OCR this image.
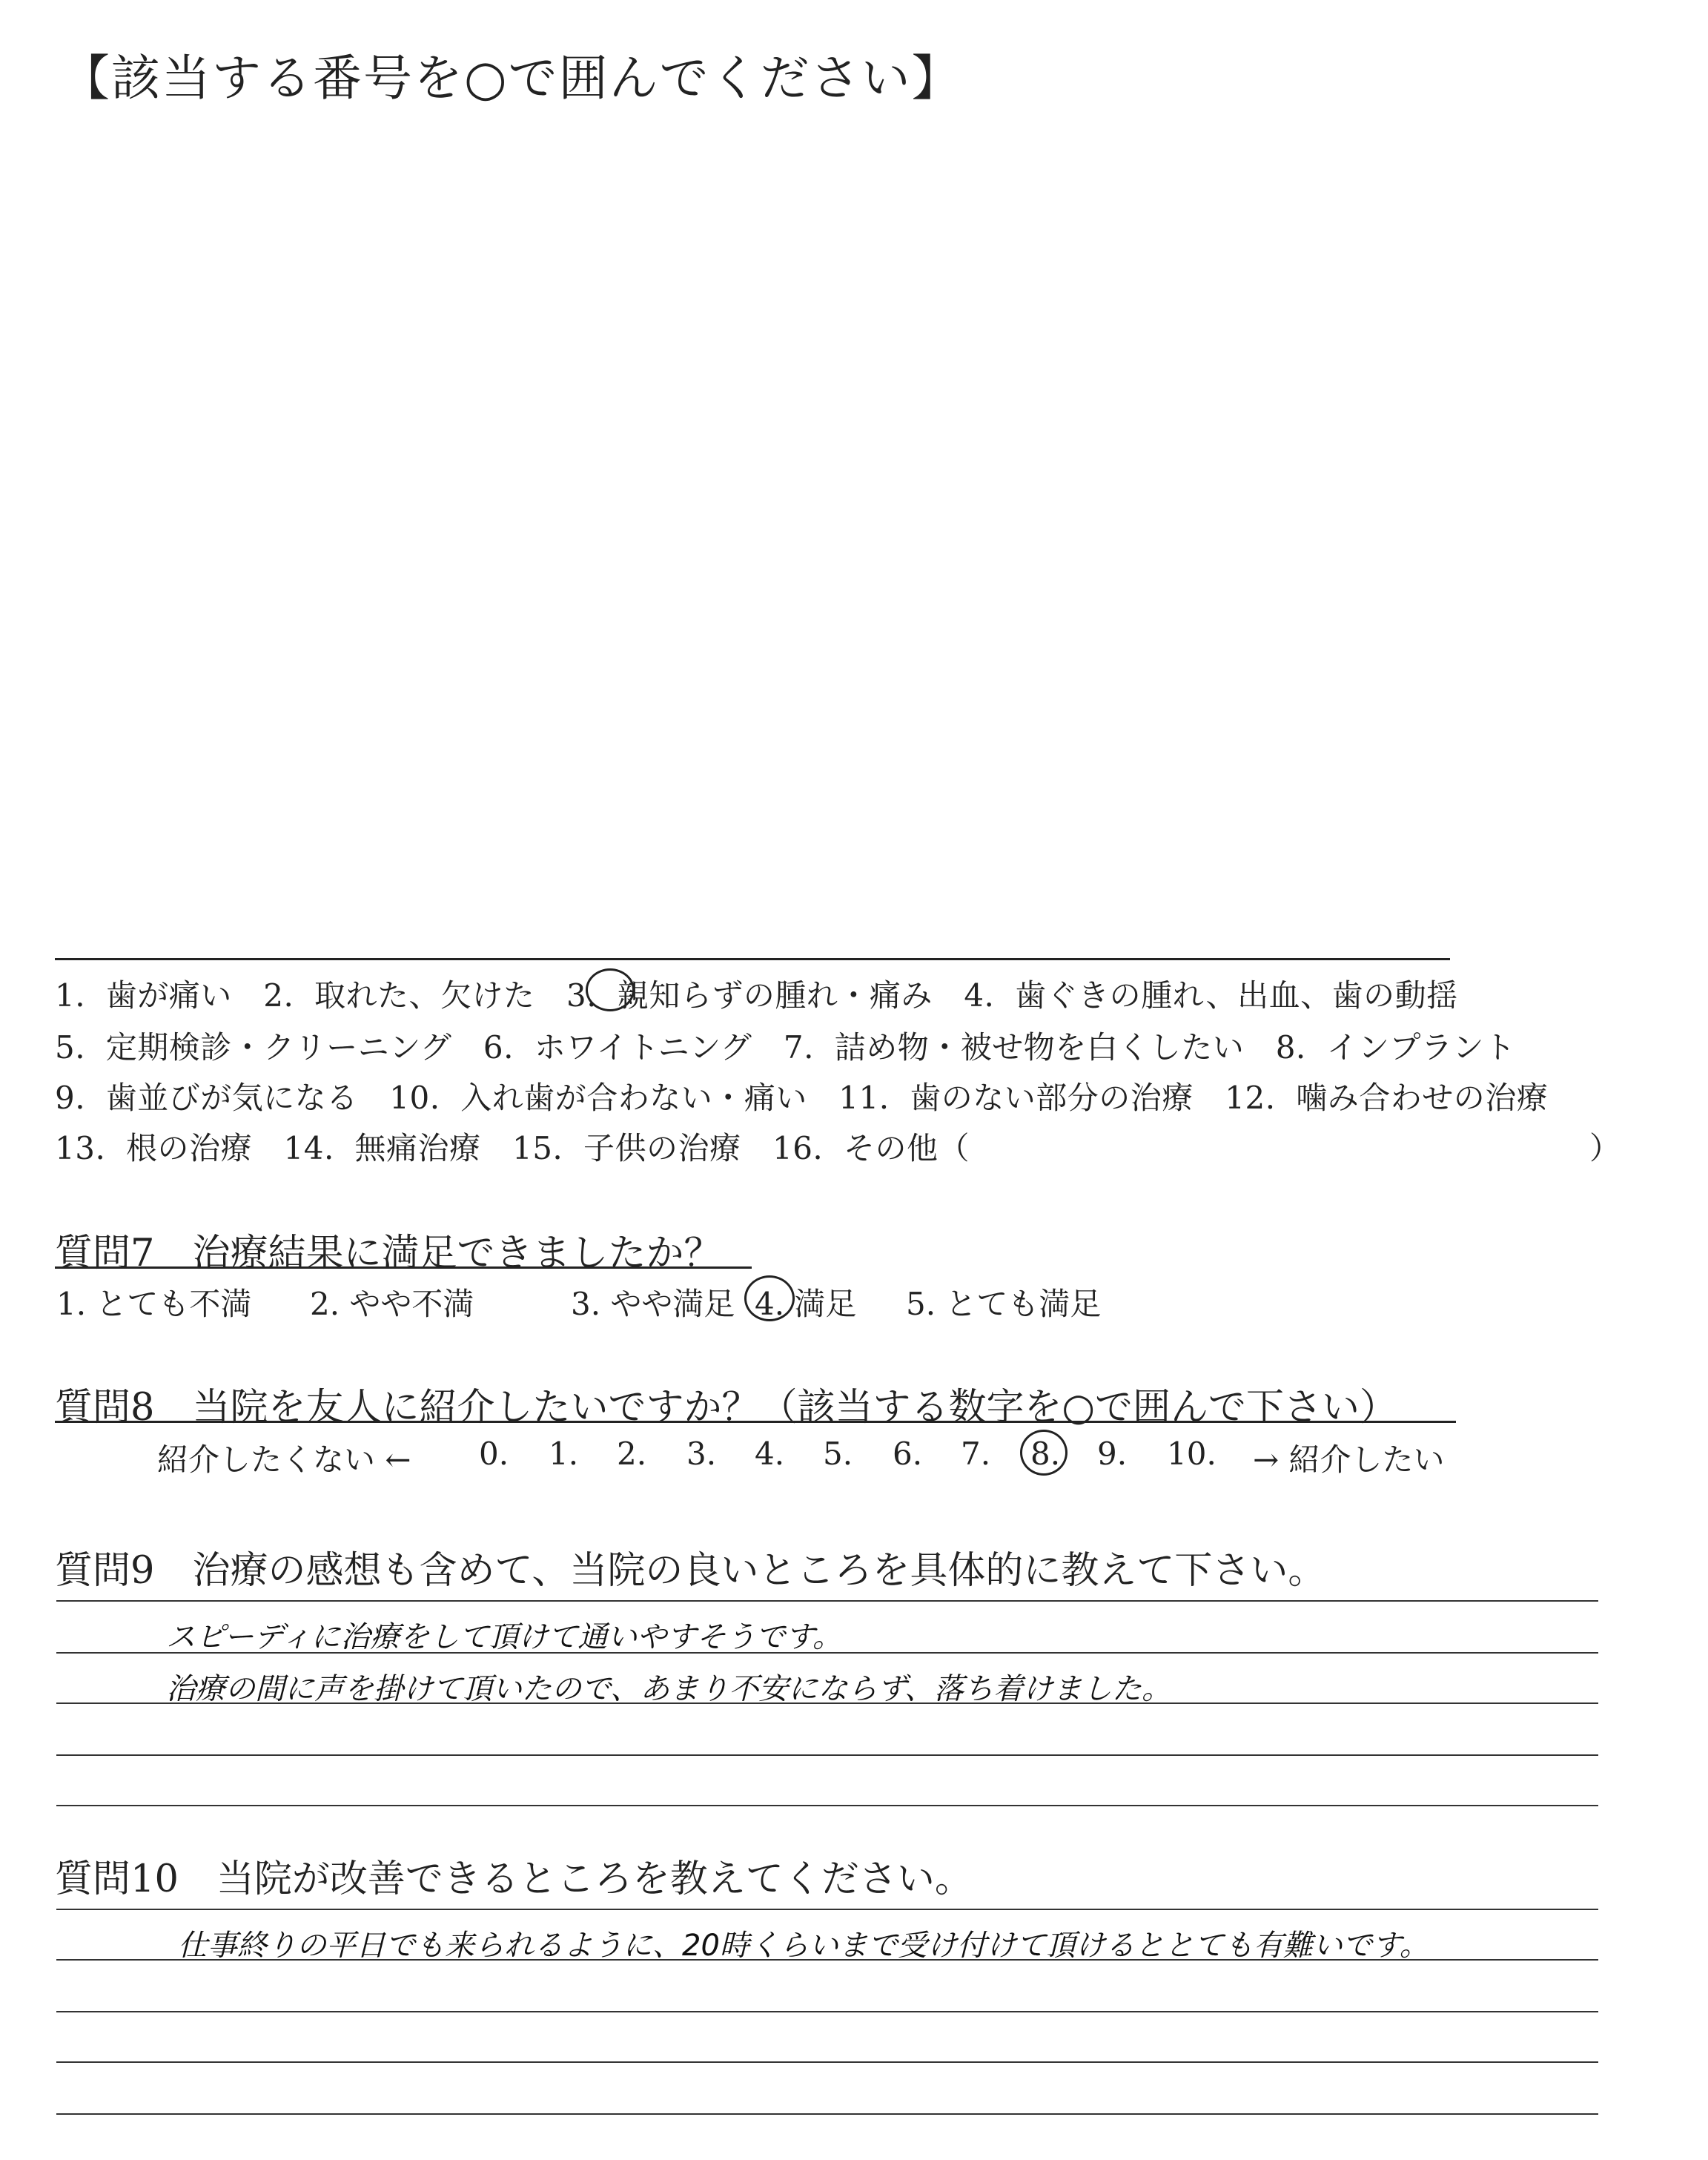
【該当する番号を○で囲んでください】
1.  歯が痛い　2.  取れた、欠けた　3.  親知らずの腫れ・痛み　4.  歯ぐきの腫れ、出血、歯の動揺
5.  定期検診・クリーニング　6.  ホワイトニング　7.  詰め物・被せ物を白くしたい　8.  インプラント
9.  歯並びが気になる　10.  入れ歯が合わない・痛い　11.  歯のない部分の治療　12.  噛み合わせの治療
13.  根の治療　14.  無痛治療　15.  子供の治療　16.  その他（	）
質問7　治療結果に満足できましたか？
1. とても不満 2. やや不満	3. やや満足 4. 満足 5. とても満足
質問8　当院を友人に紹介したいですか？（該当する数字を○で囲んで下さい）
紹介したくない ← 0. 1. 2. 3. 4. 5. 6. 7. 8. 9. 10. → 紹介したい
質問9　治療の感想も含めて、当院の良いところを具体的に教えて下さい。
スピーディに治療をして頂けて通いやすそうです。
治療の間に声を掛けて頂いたので、あまり不安にならず、落ち着けました。
質問10　当院が改善できるところを教えてください。
仕事終りの平日でも来られるように、20時くらいまで受け付けて頂けるととても有難いです。
